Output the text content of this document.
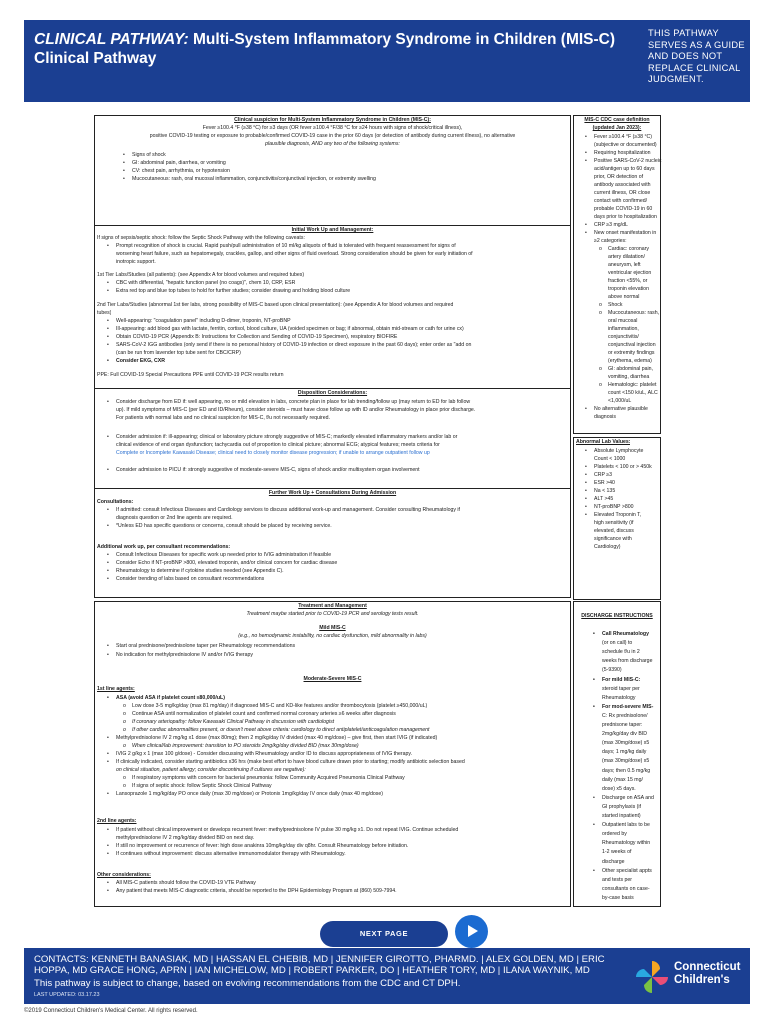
CLINICAL PATHWAY: Multi-System Inflammatory Syndrome in Children (MIS-C)
Clinical Pathway
THIS PATHWAY SERVES AS A GUIDE AND DOES NOT REPLACE CLINICAL JUDGMENT.
Clinical suspicion for Multi-System Inflammatory Syndrome in Children (MIS-C):
Fever ≥100.4 °F (≥38 °C) for ≥3 days (OR fever ≥100.4 °F/38 °C for ≥24 hours with signs of shock/critical illness),
positive COVID-19 testing or exposure to probable/confirmed COVID-19 case in the prior 60 days (or detection of antibody during current illness), no alternative
plausible diagnosis, AND any two of the following systems:
• Signs of shock
• GI: abdominal pain, diarrhea, or vomiting
• CV: chest pain, arrhythmia, or hypotension
• Mucocutaneous: rash, oral mucosal inflammation, conjunctivitis/conjunctival injection, or extremity swelling
Initial Work Up and Management:
If signs of sepsis/septic shock: follow the Septic Shock Pathway with the following caveats:
• Prompt recognition of shock is crucial. Rapid push/pull administration of 10 ml/kg aliquots of fluid is tolerated with frequent reassessment for signs of
worsening heart failure, such as hepatomegaly, crackles, gallop, and other signs of fluid overload. Strong consideration should be given for early initiation of
inotropic support.
1st Tier Labs/Studies (all patients): (see Appendix A for blood volumes and required tubes)
• CBC with differential, "hepatic function panel (no coags)", chem 10, CRP, ESR
• Extra red top and blue top tubes to hold for further studies; consider drawing and holding blood culture
2nd Tier Labs/Studies (abnormal 1st tier labs, strong possibility of MIS-C based upon clinical presentation): (see Appendix A for blood volumes and required
tubes)
• Well-appearing: "coagulation panel" including D-dimer, troponin, NT-proBNP
• Ill-appearing: add blood gas with lactate, ferritin, cortisol, blood culture, UA (voided specimen or bag; if abnormal, obtain mid-stream or cath for urine cx)
• Obtain COVID-19 PCR (Appendix B: Instructions for Collection and Sending of COVID-19 Specimen), respiratory BIOFIRE
• SARS-CoV-2 IGG antibodies (only send if there is no personal history of COVID-19 infection or direct exposure in the past 60 days); enter order as "add on
(can be run from lavender top tube sent for CBC/CRP)
• Consider EKG, CXR
PPE: Full COVID-19 Special Precautions PPE until COVID-19 PCR results return
Disposition Considerations:
• Consider discharge from ED if: well appearing, no or mild elevation in labs, concrete plan in place for lab trending/follow up (may return to ED for lab follow
up). If mild symptoms of MIS-C (per ED and ID/Rheum), consider steroids – must have close follow up with ID and/or Rheumatology in place prior discharge.
For patients with normal labs and no clinical suspicion for MIS-C, f/u not necessarily required.
• Consider admission if: ill-appearing; clinical or laboratory picture strongly suggestive of MIS-C; markedly elevated inflammatory markers and/or lab or
clinical evidence of end organ dysfunction; tachycardia out of proportion to clinical picture; abnormal ECG; atypical features; meets criteria for
Complete or Incomplete Kawasaki Disease; clinical need to closely monitor disease progression; if unable to arrange outpatient follow up
• Consider admission to PICU if: strongly suggestive of moderate-severe MIS-C, signs of shock and/or multisystem organ involvement
Further Work Up + Consultations During Admission
Consultations:
• If admitted: consult Infectious Diseases and Cardiology services to discuss additional work-up and management. Consider consulting Rheumatology if
diagnosis question or 2nd line agents are required.
• *Unless ED has specific questions or concerns, consult should be placed by receiving service.
Additional work up, per consultant recommendations:
• Consult Infectious Diseases for specific work up needed prior to IVIG administration if feasible
• Consider Echo if NT-proBNP >800, elevated troponin, and/or clinical concern for cardiac disease
• Rheumatology to determine if cytokine studies needed (see Appendix C).
• Consider trending of labs based on consultant recommendations
Treatment and Management
Treatment maybe started prior to COVID-19 PCR and serology tests result.
Mild MIS-C
(e.g., no hemodynamic instability, no cardiac dysfunction, mild abnormality in labs)
• Start oral prednisone/prednisolone taper per Rheumatology recommendations
• No indication for methylprednisolone IV and/or IVIG therapy
Moderate-Severe MIS-C
1st line agents:
• ASA (avoid ASA if platelet count ≤80,000/uL)
o Low dose 3-5 mg/kg/day (max 81 mg/day) if diagnosed MIS-C and KD-like features and/or thrombocytosis (platelet ≥450,000/uL)
o Continue ASA until normalization of platelet count and confirmed normal coronary arteries ≥6 weeks after diagnosis
o If coronary arteriopathy: follow Kawasaki Clinical Pathway in discussion with cardiologist
o If other cardiac abnormalities present, or doesn't meet above criteria: cardiology to direct antiplatelet/anticoagulation management
• Methylprednisolone IV 2 mg/kg x1 dose (max 80mg); then 2 mg/kg/day IV divided (max 40 mg/dose) – give first, then start IVIG (if indicated)
o When clinical/lab improvement: transition to PO steroids 2mg/kg/day divided BID (max 30mg/dose)
• IVIG 2 g/kg x 1 (max 100 g/dose) - Consider discussing with Rheumatology and/or ID to discuss appropriateness of IVIG therapy.
• If clinically indicated, consider starting antibiotics x36 hrs (make best effort to have blood culture drawn prior to starting; modify antibiotic selection based
on clinical situation, patient allergy; consider discontinuing if cultures are negative):
o If respiratory symptoms with concern for bacterial pneumonia: follow Community Acquired Pneumonia Clinical Pathway
o If signs of septic shock: follow Septic Shock Clinical Pathway
• Lansoprazole 1 mg/kg/day PO once daily (max 30 mg/dose) or Protonix 1mg/kg/day IV once daily (max 40 mg/dose)
2nd line agents:
• If patient without clinical improvement or develops recurrent fever: methylprednisolone IV pulse 30 mg/kg x1. Do not repeat IVIG. Continue scheduled
methylprednisolone IV 2 mg/kg/day divided BID on next day.
• If still no improvement or recurrence of fever: high dose anakinra 10mg/kg/day div q8hr. Consult Rheumatology before initiation.
• If continues without improvement: discuss alternative immunomodulator therapy with Rheumatology.
Other considerations:
• All MIS-C patients should follow the COVID-19 VTE Pathway
• Any patient that meets MIS-C diagnostic criteria, should be reported to the DPH Epidemiology Program at (860) 509-7994.
MIS-C CDC case definition
(updated Jan 2023):
• Fever ≥100.4 °F (≥38 °C)
(subjective or documented)
• Requiring hospitalization
• Positive SARS-CoV-2 nucleic
acid/antigen up to 60 days
prior, OR detection of
antibody associated with
current illness, OR close
contact with confirmed/
probable COVID-19 in 60
days prior to hospitalization
• CRP ≥3 mg/dL
• New onset manifestation in
≥2 categories:
o Cardiac: coronary
artery dilatation/
aneurysm, left
ventricular ejection
fraction <55%, or
troponin elevation
above normal
o Shock
o Mucocutaneous: rash,
oral mucosal
inflammation,
conjunctivitis/
conjunctival injection
or extremity findings
(erythema, edema)
o GI: abdominal pain,
vomiting, diarrhea
o Hematologic: platelet
count <150 k/uL, ALC
<1,000/uL
• No alternative plausible
diagnosis
Abnormal Lab Values:
• Absolute Lymphocyte
Count < 1000
• Platelets < 100 or > 450k
• CRP ≥3
• ESR >40
• Na < 135
• ALT >45
• NT-proBNP >800
• Elevated Troponin T,
high sensitivity (if
elevated, discuss
significance with
Cardiology)
DISCHARGE INSTRUCTIONS
• Call Rheumatology
(or on call) to
schedule f/u in 2
weeks from discharge
(5-9390)
• For mild MIS-C:
steroid taper per
Rheumatology
• For mod-severe MIS-
C: Rx prednisolone/
prednisone taper:
2mg/kg/day div BID
(max 30mg/dose) x5
days; 1 mg/kg daily
(max 30mg/dose) x5
days; then 0.5 mg/kg
daily (max 15 mg/
dose) x5 days.
• Discharge on ASA and
GI prophylaxis (if
started inpatient)
• Outpatient labs to be
ordered by
Rheumatology within
1-2 weeks of
discharge
• Other specialist appts
and tests per
consultants on case-
by-case basis
NEXT PAGE
CONTACTS: KENNETH BANASIAK, MD | HASSAN EL CHEBIB, MD | JENNIFER GIROTTO, PHARMD. | ALEX GOLDEN, MD | ERIC HOPPA, MD GRACE HONG, APRN | IAN MICHELOW, MD | ROBERT PARKER, DO | HEATHER TORY, MD | ILANA WAYNIK, MD
This pathway is subject to change, based on evolving recommendations from the CDC and CT DPH.
LAST UPDATED: 03.17.23
Connecticut
Children's
©2019 Connecticut Children's Medical Center. All rights reserved.
